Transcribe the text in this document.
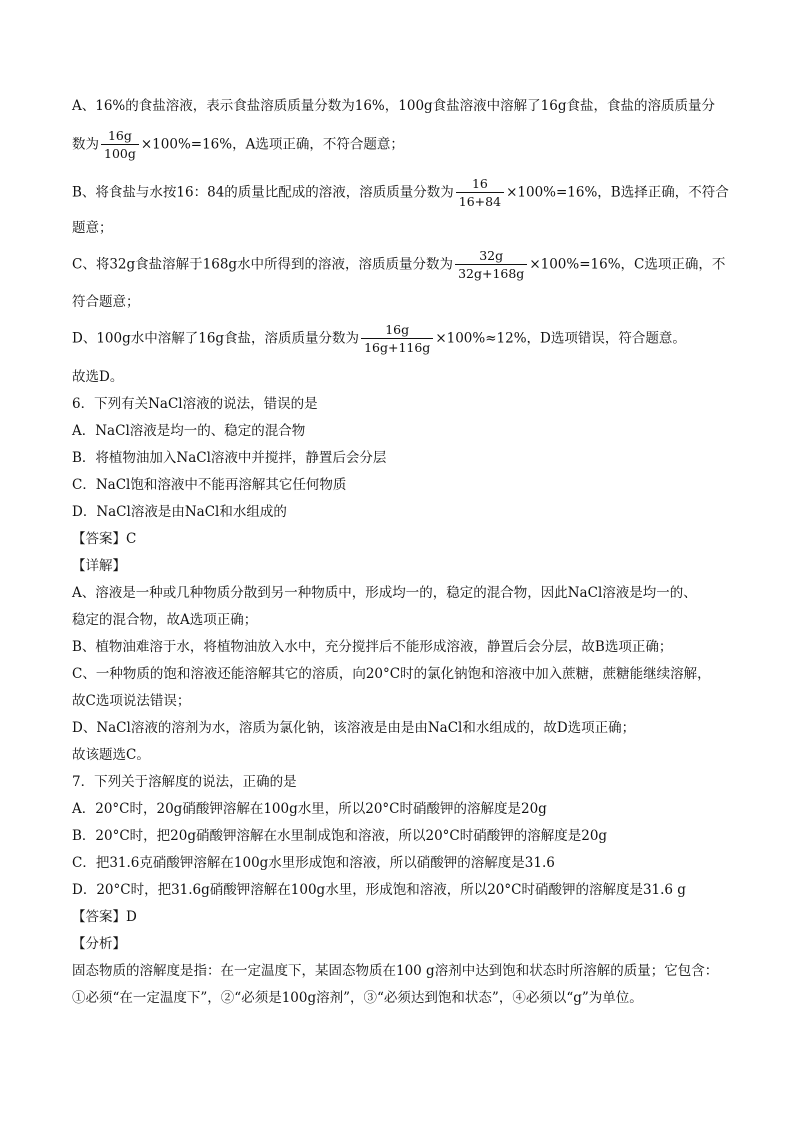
A、16%的食盐溶液，表示食盐溶质质量分数为16%，100g食盐溶液中溶解了16g食盐，食盐的溶质质量分
数为 $\frac{16g}{100g} \times 100\%=16\%$，A选项正确，不符合题意；
B、将食盐与水按16：84的质量比配成的溶液，溶质质量分数为 $\frac{16}{16+84} \times 100\%=16\%$，B选择正确，不符合
题意；
C、将32g食盐溶解于168g水中所得到的溶液，溶质质量分数为 $\frac{32g}{32g+168g} \times 100\%=16\%$，C选项正确，不
符合题意；
D、100g水中溶解了16g食盐，溶质质量分数为 $\frac{16g}{16g+116g} \times 100\%\approx 12\%$，D选项错误，符合题意。
故选D。
6．下列有关NaCl溶液的说法，错误的是
A．NaCl溶液是均一的、稳定的混合物
B．将植物油加入NaCl溶液中并搅拌，静置后会分层
C．NaCl饱和溶液中不能再溶解其它任何物质
D．NaCl溶液是由NaCl和水组成的
【答案】C
【详解】
A、溶液是一种或几种物质分散到另一种物质中，形成均一的，稳定的混合物，因此NaCl溶液是均一的、
稳定的混合物，故A选项正确；
B、植物油难溶于水，将植物油放入水中，充分搅拌后不能形成溶液，静置后会分层，故B选项正确；
C、一种物质的饱和溶液还能溶解其它的溶质，向20°C时的氯化钠饱和溶液中加入蔗糖，蔗糖能继续溶解，
故C选项说法错误；
D、NaCl溶液的溶剂为水，溶质为氯化钠，该溶液是由是由NaCl和水组成的，故D选项正确；
故该题选C。
7．下列关于溶解度的说法，正确的是
A．20°C时，20g硝酸钾溶解在100g水里，所以20°C时硝酸钾的溶解度是20g
B．20°C时，把20g硝酸钾溶解在水里制成饱和溶液，所以20°C时硝酸钾的溶解度是20g
C．把31.6克硝酸钾溶解在100g水里形成饱和溶液，所以硝酸钾的溶解度是31.6
D．20°C时，把31.6g硝酸钾溶解在100g水里，形成饱和溶液，所以20°C时硝酸钾的溶解度是31.6 g
【答案】D
【分析】
固态物质的溶解度是指：在一定温度下，某固态物质在100 g溶剂中达到饱和状态时所溶解的质量；它包含：
①必须“在一定温度下”，②“必须是100g溶剂”，③“必须达到饱和状态”，④必须以“g”为单位。
